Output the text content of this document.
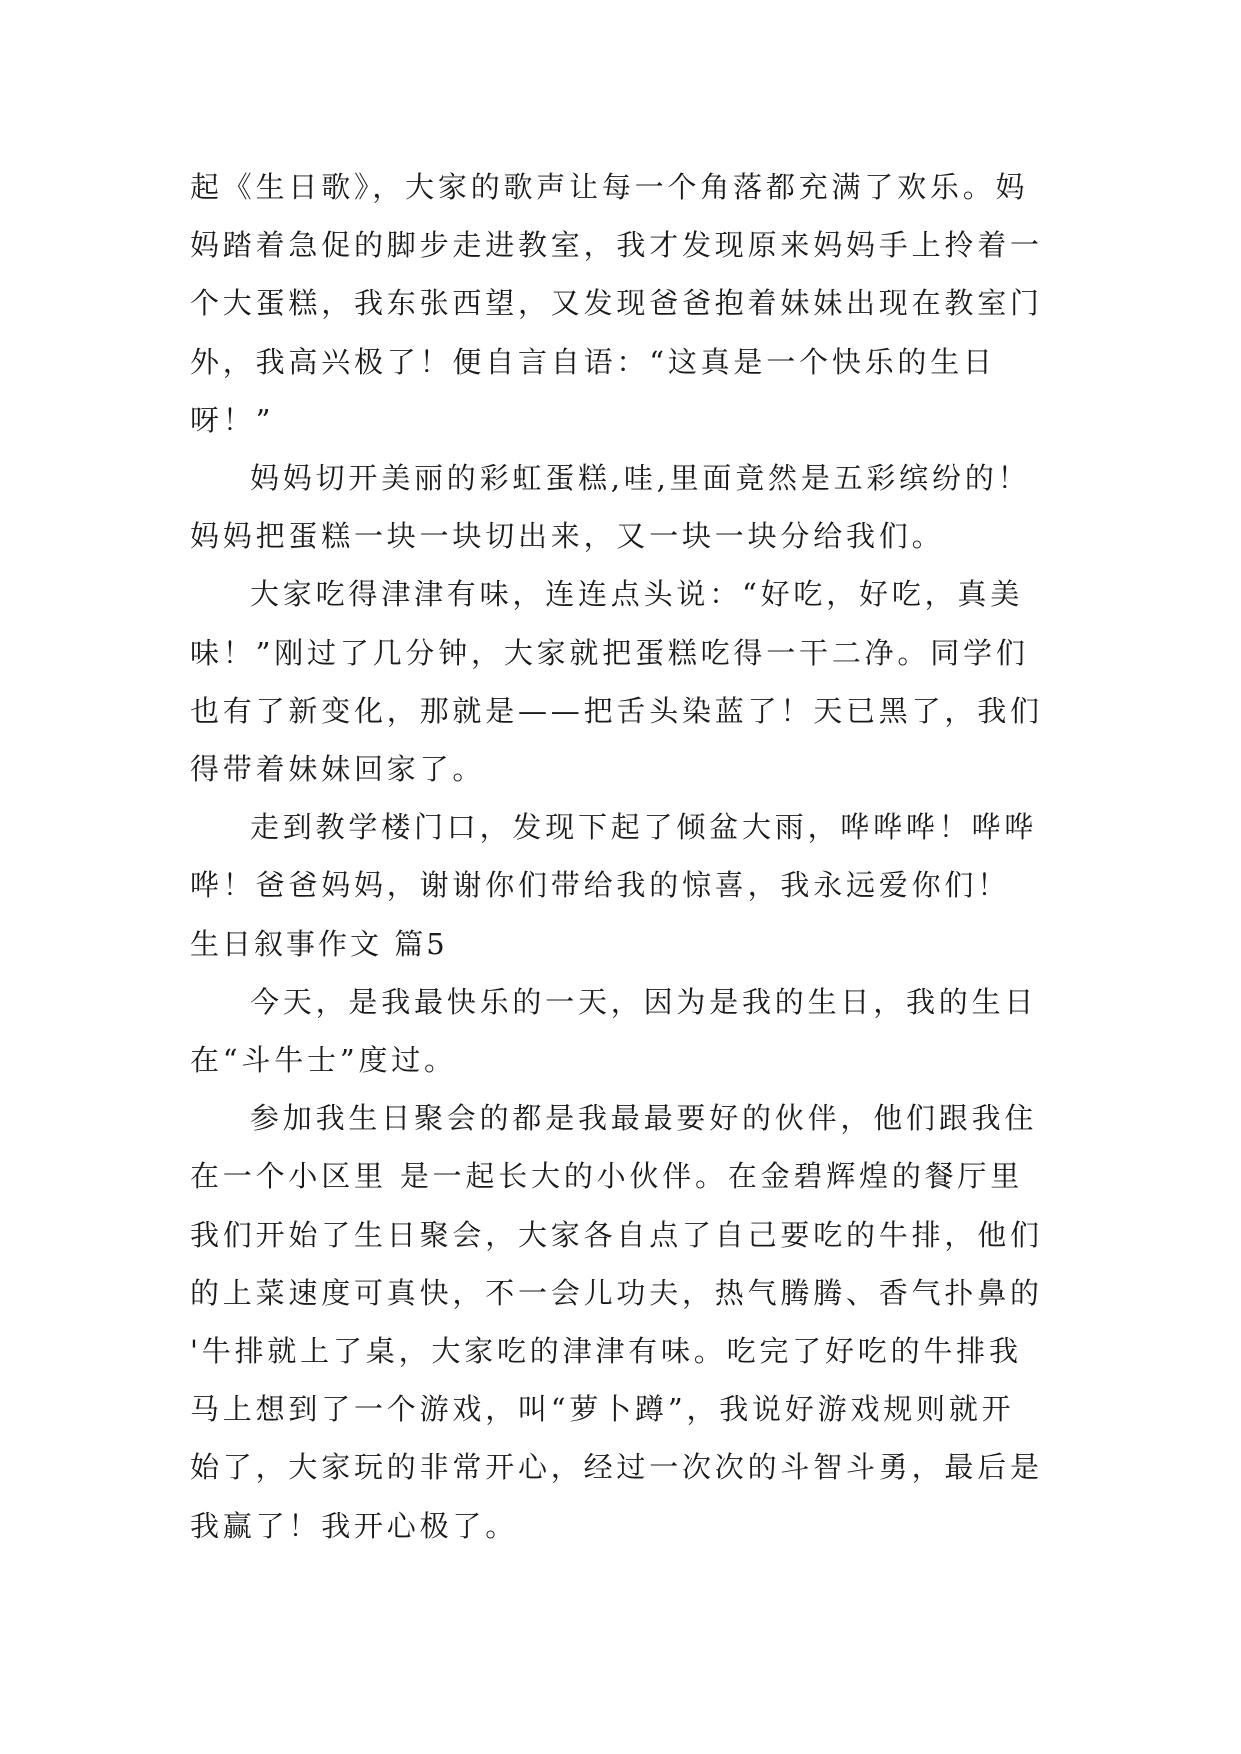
起《生日歌》，大家的歌声让每一个角落都充满了欢乐。妈
妈踏着急促的脚步走进教室，我才发现原来妈妈手上拎着一
个大蛋糕，我东张西望，又发现爸爸抱着妹妹出现在教室门
外，我高兴极了！便自言自语：“这真是一个快乐的生日
呀！”
妈妈切开美丽的彩虹蛋糕,哇,里面竟然是五彩缤纷的！
妈妈把蛋糕一块一块切出来，又一块一块分给我们。
大家吃得津津有味，连连点头说：“好吃，好吃，真美
味！”刚过了几分钟，大家就把蛋糕吃得一干二净。同学们
也有了新变化，那就是——把舌头染蓝了！天已黑了，我们
得带着妹妹回家了。
走到教学楼门口，发现下起了倾盆大雨，哗哗哗！哗哗
哗！爸爸妈妈，谢谢你们带给我的惊喜，我永远爱你们！
生日叙事作文 篇5
今天，是我最快乐的一天，因为是我的生日，我的生日
在“斗牛士”度过。
参加我生日聚会的都是我最最要好的伙伴，他们跟我住
在一个小区里 是一起长大的小伙伴。在金碧辉煌的餐厅里
我们开始了生日聚会，大家各自点了自己要吃的牛排，他们
的上菜速度可真快，不一会儿功夫，热气腾腾、香气扑鼻的
'牛排就上了桌，大家吃的津津有味。吃完了好吃的牛排我
马上想到了一个游戏，叫“萝卜蹲”，我说好游戏规则就开
始了，大家玩的非常开心，经过一次次的斗智斗勇，最后是
我赢了！我开心极了。
